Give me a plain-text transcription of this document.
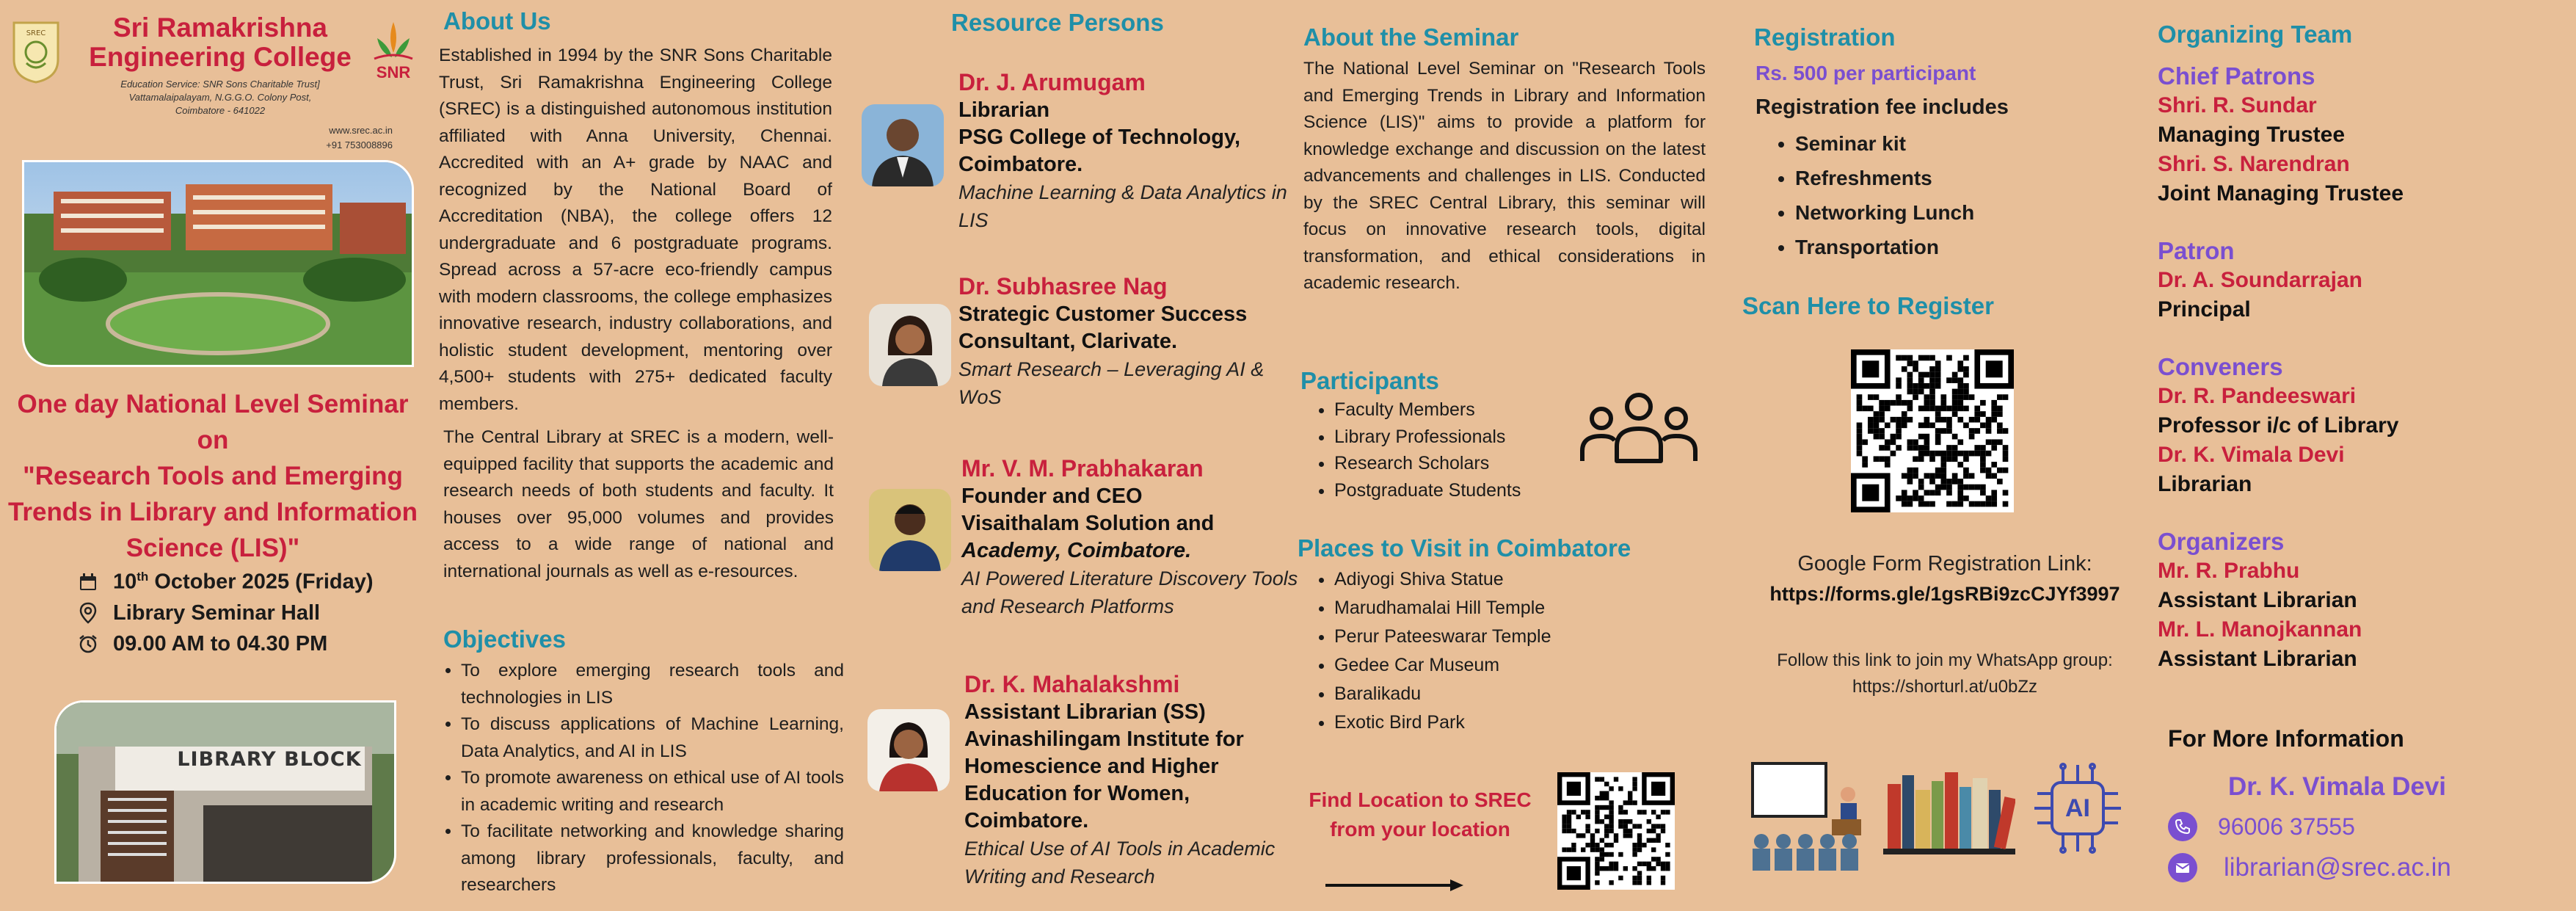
SREC	Sri Ramakrishna
Engineering College
SNR
Education Service: SNR Sons Charitable Trust]
Vattamalaipalayam, N.G.G.O. Colony Post,
Coimbatore - 641022
www.srec.ac.in
+91 753008896
One day National Level Seminar on
"Research Tools and Emerging
Trends in Library and Information
Science (LIS)"
10th October 2025 (Friday)
Library Seminar Hall
09.00 AM to 04.30 PM
LIBRARY BLOCK
About Us

Established in 1994 by the SNR Sons Charitable Trust, Sri Ramakrishna Engineering College (SREC) is a distinguished autonomous institution affiliated with Anna University, Chennai. Accredited with an A+ grade by NAAC and recognized by the National Board of Accreditation (NBA), the college offers 12 undergraduate and 6 postgraduate programs. Spread across a 57-acre eco-friendly campus with modern classrooms, the college emphasizes innovative research, industry collaborations, and holistic student development, mentoring over 4,500+ students with 275+ dedicated faculty members.

The Central Library at SREC is a modern, well-equipped facility that supports the academic and research needs of both students and faculty. It houses over 95,000 volumes and provides access to a wide range of national and international journals as well as e-resources.

Objectives
• To explore emerging research tools and technologies in LIS
• To discuss applications of Machine Learning, Data Analytics, and AI in LIS
• To promote awareness on ethical use of AI tools in academic writing and research
• To facilitate networking and knowledge sharing among library professionals, faculty, and researchers
Resource Persons
Dr. J. Arumugam
Librarian
PSG College of Technology,
Coimbatore.
Machine Learning & Data Analytics in LIS
Dr. Subhasree Nag
Strategic Customer Success
Consultant, Clarivate.
Smart Research – Leveraging AI & WoS
Mr. V. M. Prabhakaran
Founder and CEO
Visaithalam Solution and
Academy, Coimbatore.
AI Powered Literature Discovery Tools and Research Platforms
Dr. K. Mahalakshmi
Assistant Librarian (SS)
Avinashilingam Institute for
Homescience and Higher
Education for Women,
Coimbatore.
Ethical Use of AI Tools in Academic Writing and Research
About the Seminar

The National Level Seminar on "Research Tools and Emerging Trends in Library and Information Science (LIS)" aims to provide a platform for knowledge exchange and discussion on the latest advancements and challenges in LIS. Conducted by the SREC Central Library, this seminar will focus on innovative research tools, digital transformation, and ethical considerations in academic research.

Participants
• Faculty Members
• Library Professionals
• Research Scholars
• Postgraduate Students
Places to Visit in Coimbatore
• Adiyogi Shiva Statue
• Marudhamalai Hill Temple
• Perur Pateeswarar Temple
• Gedee Car Museum
• Baralikadu
• Exotic Bird Park
Find Location to SREC
from your location
Registration
Rs. 500 per participant
Registration fee includes
• Seminar kit
• Refreshments
• Networking Lunch
• Transportation
Scan Here to Register
Google Form Registration Link:
https://forms.gle/1gsRBi9zcCJYf3997
Follow this link to join my WhatsApp group:
https://shorturl.at/u0bZz
AI
Organizing Team
Chief Patrons
Shri. R. Sundar
Managing Trustee
Shri. S. Narendran
Joint Managing Trustee
Patron
Dr. A. Soundarrajan
Principal
Conveners
Dr. R. Pandeeswari
Professor i/c of Library
Dr. K. Vimala Devi
Librarian
Organizers
Mr. R. Prabhu
Assistant Librarian
Mr. L. Manojkannan
Assistant Librarian
For More Information
Dr. K. Vimala Devi
96006 37555
librarian@srec.ac.in
